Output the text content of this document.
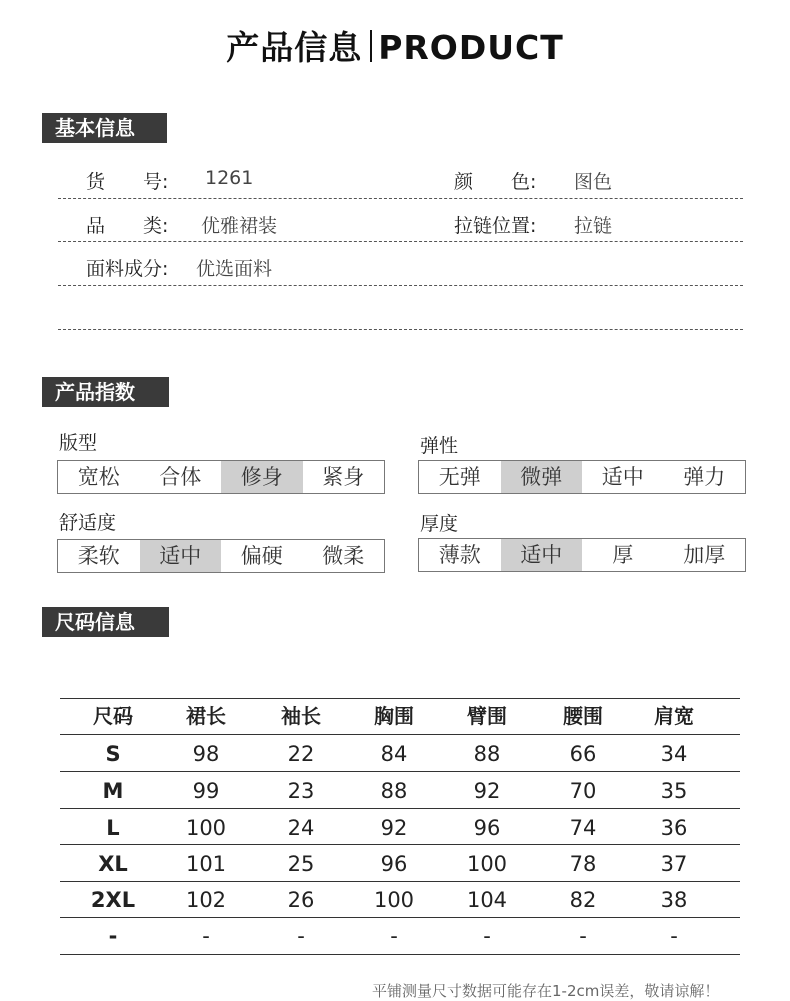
产品信息 PRODUCT
基本信息
货　　号: 1261	颜　　色: 图色
品　　类: 优雅裙装	拉链位置: 拉链
面料成分: 优选面料
产品指数
版型
宽松	合体	修身	紧身
弹性
无弹	微弹	适中	弹力
舒适度
柔软	适中	偏硬	微柔
厚度
薄款	适中	厚	加厚
尺码信息
尺码	裙长	袖长	胸围	臂围	腰围	肩宽
S	98	22	84	88	66	34
M	99	23	88	92	70	35
L	100	24	92	96	74	36
XL	101	25	96	100	78	37
2XL	102	26	100	104	82	38
-	-	-	-	-	-	-
平铺测量尺寸数据可能存在1-2cm误差，敬请谅解！
